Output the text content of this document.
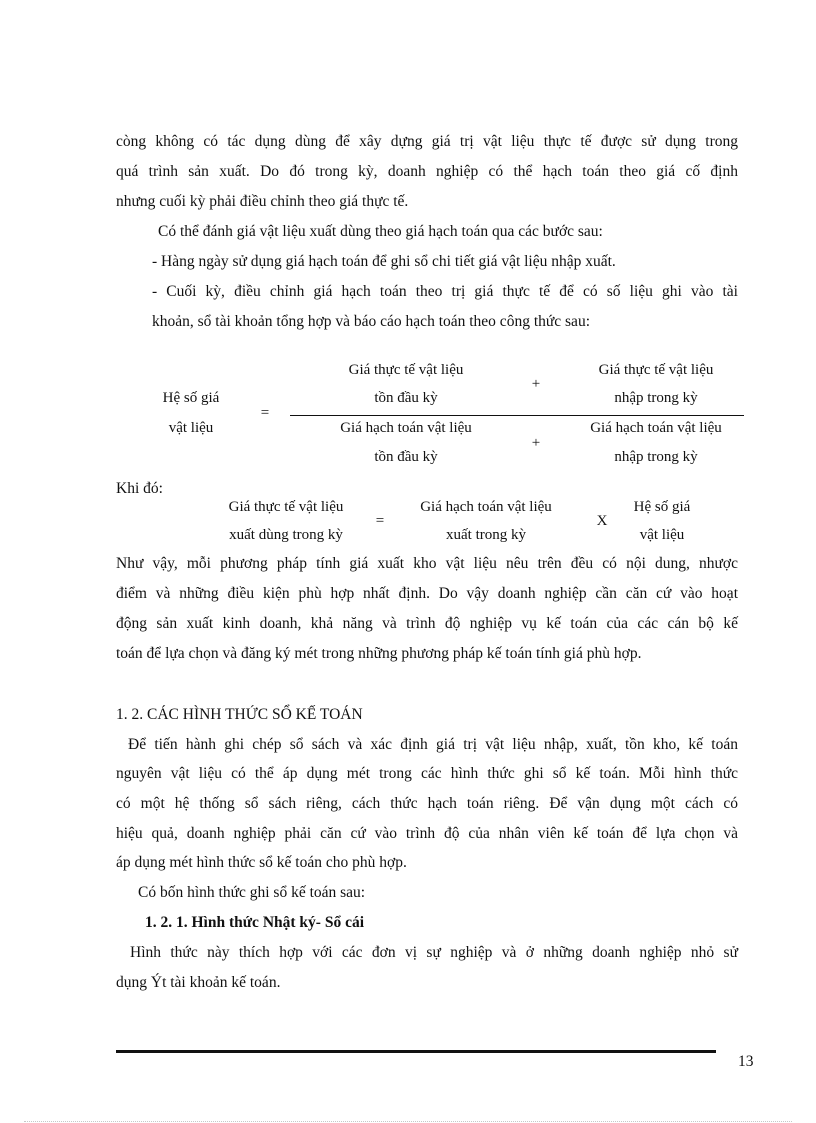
còng không có tác dụng dùng để xây dựng giá trị vật liệu thực tế được sử dụng trong
quá trình sản xuất. Do đó trong kỳ, doanh nghiệp có thể hạch toán theo giá cố định
nhưng cuối kỳ phải điều chỉnh theo giá thực tế.
Có thể đánh giá vật liệu xuất dùng theo giá hạch toán qua các bước sau:
- Hàng ngày sử dụng giá hạch toán để ghi sổ chi tiết giá vật liệu nhập xuất.
- Cuối kỳ, điều chỉnh giá hạch toán theo trị giá thực tế để có số liệu ghi vào tài
khoản, sổ tài khoản tổng hợp và báo cáo hạch toán theo công thức sau:
Hệ số giá
vật liệu
=
Giá thực tế vật liệu
tồn đầu kỳ
+
Giá thực tế vật liệu
nhập trong kỳ
Giá hạch toán vật liệu
tồn đầu kỳ
+
Giá hạch toán vật liệu
nhập trong kỳ
Khi đó:
Giá thực tế vật liệu
xuất dùng trong kỳ
=
Giá hạch toán vật liệu
xuất trong kỳ
X
Hệ số giá
vật liệu
Như vậy, mỗi phương pháp tính giá xuất kho vật liệu nêu trên đều có nội dung, nhược
điểm và những điều kiện phù hợp nhất định. Do vậy doanh nghiệp cần căn cứ vào hoạt
động sản xuất kinh doanh, khả năng và trình độ nghiệp vụ kế toán của các cán bộ kế
toán để lựa chọn và đăng ký mét trong những phương pháp kế toán tính giá phù hợp.
1. 2. CÁC HÌNH THỨC SỔ KẾ TOÁN
Để tiến hành ghi chép sổ sách và xác định giá trị vật liệu nhập, xuất, tồn kho, kế toán
nguyên vật liệu có thể áp dụng mét trong các hình thức ghi sổ kế toán. Mỗi hình thức
có một hệ thống sổ sách riêng, cách thức hạch toán riêng. Để vận dụng một cách có
hiệu quả, doanh nghiệp phải căn cứ vào trình độ của nhân viên kế toán để lựa chọn và
áp dụng mét hình thức sổ kế toán cho phù hợp.
Có bốn hình thức ghi sổ kế toán sau:
1. 2. 1. Hình thức Nhật ký- Sổ cái
Hình thức này thích hợp với các đơn vị sự nghiệp và ở những doanh nghiệp nhỏ sử
dụng Ýt tài khoản kế toán.
13
